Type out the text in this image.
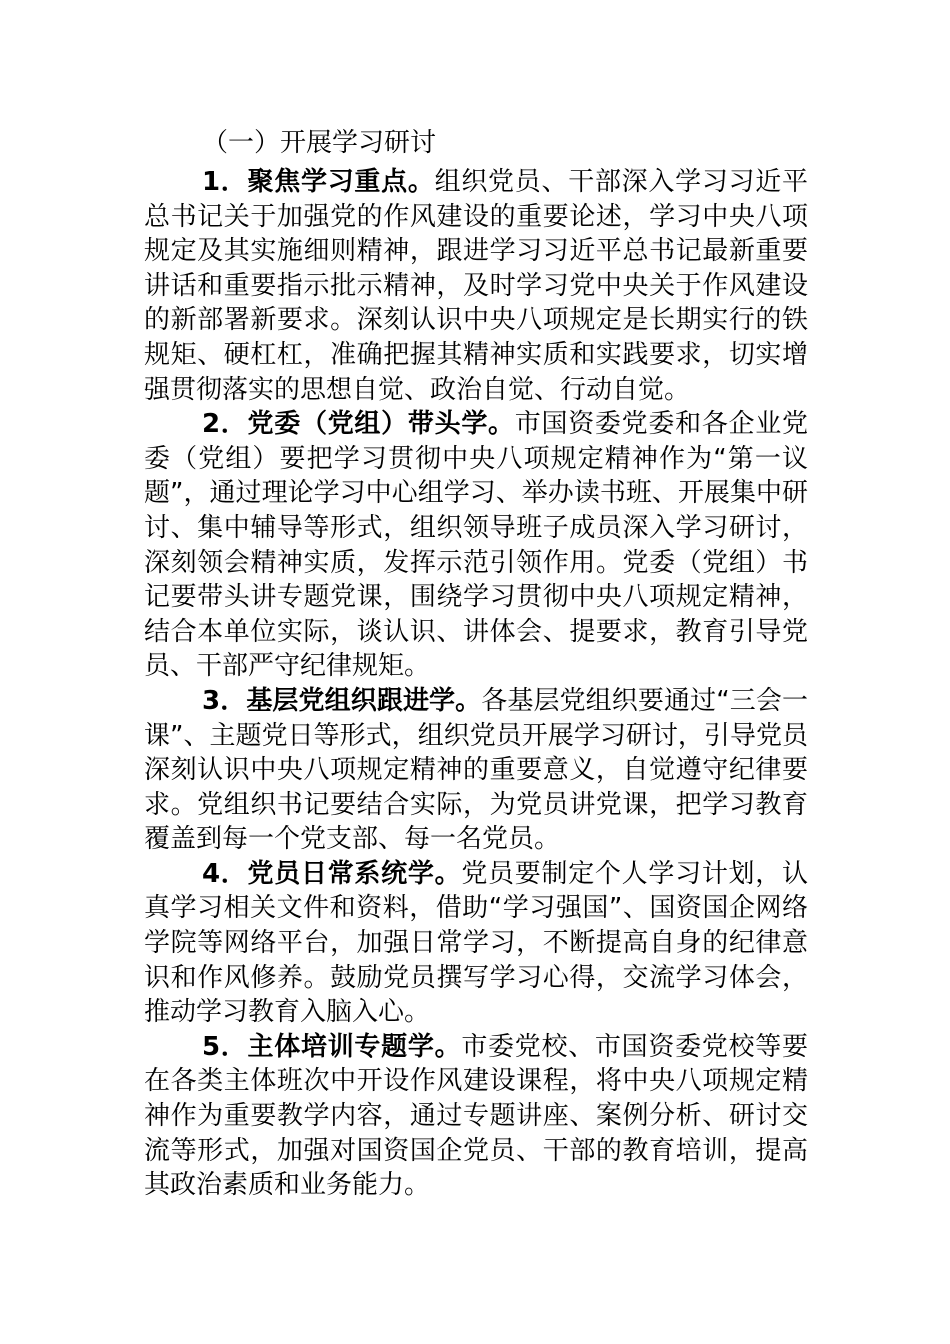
（一）开展学习研讨

1．聚焦学习重点。组织党员、干部深入学习习近平总书记关于加强党的作风建设的重要论述，学习中央八项规定及其实施细则精神，跟进学习习近平总书记最新重要讲话和重要指示批示精神，及时学习党中央关于作风建设的新部署新要求。深刻认识中央八项规定是长期实行的铁规矩、硬杠杠，准确把握其精神实质和实践要求，切实增强贯彻落实的思想自觉、政治自觉、行动自觉。

2．党委（党组）带头学。市国资委党委和各企业党委（党组）要把学习贯彻中央八项规定精神作为“第一议题”，通过理论学习中心组学习、举办读书班、开展集中研讨、集中辅导等形式，组织领导班子成员深入学习研讨，深刻领会精神实质，发挥示范引领作用。党委（党组）书记要带头讲专题党课，围绕学习贯彻中央八项规定精神，结合本单位实际，谈认识、讲体会、提要求，教育引导党员、干部严守纪律规矩。

3．基层党组织跟进学。各基层党组织要通过“三会一课”、主题党日等形式，组织党员开展学习研讨，引导党员深刻认识中央八项规定精神的重要意义，自觉遵守纪律要求。党组织书记要结合实际，为党员讲党课，把学习教育覆盖到每一个党支部、每一名党员。

4．党员日常系统学。党员要制定个人学习计划，认真学习相关文件和资料，借助“学习强国”、国资国企网络学院等网络平台，加强日常学习，不断提高自身的纪律意识和作风修养。鼓励党员撰写学习心得，交流学习体会，推动学习教育入脑入心。

5．主体培训专题学。市委党校、市国资委党校等要在各类主体班次中开设作风建设课程，将中央八项规定精神作为重要教学内容，通过专题讲座、案例分析、研讨交流等形式，加强对国资国企党员、干部的教育培训，提高其政治素质和业务能力。
